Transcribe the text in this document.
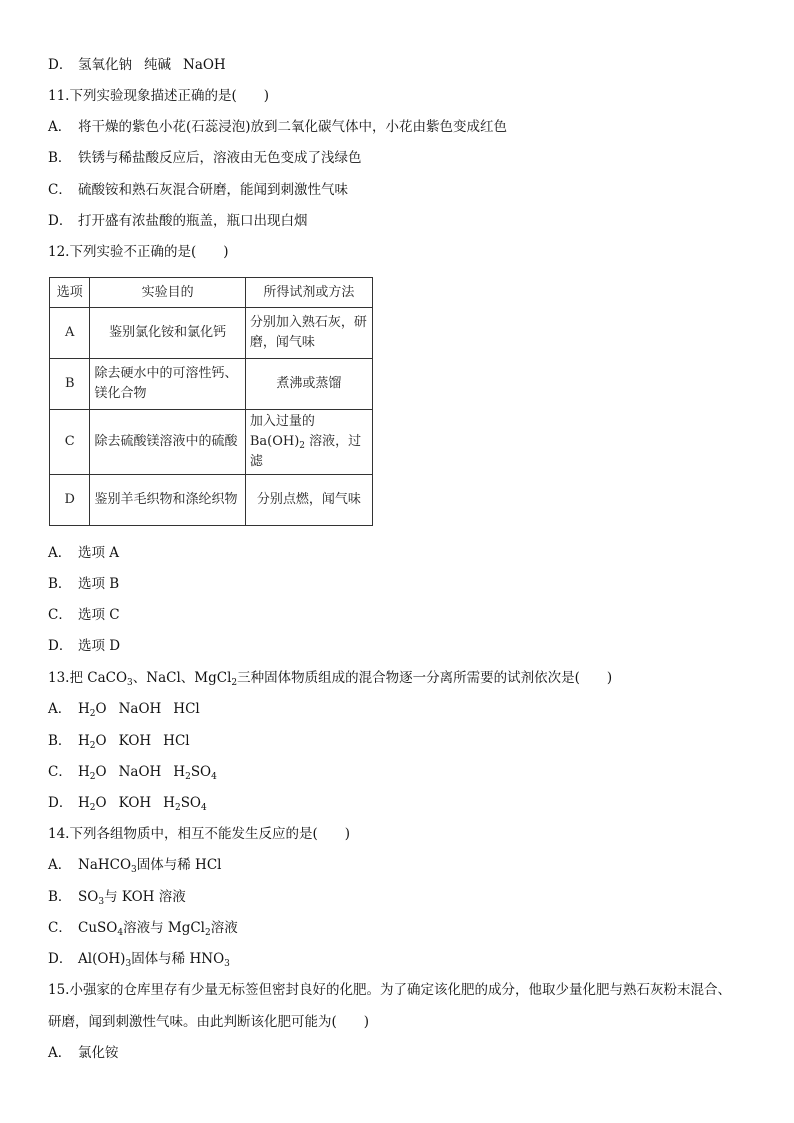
D． 氢氧化钠 纯碱 NaOH
11.下列实验现象描述正确的是(　　)
A． 将干燥的紫色小花(石蕊浸泡)放到二氧化碳气体中，小花由紫色变成红色
B． 铁锈与稀盐酸反应后，溶液由无色变成了浅绿色
C． 硫酸铵和熟石灰混合研磨，能闻到刺激性气味
D． 打开盛有浓盐酸的瓶盖，瓶口出现白烟
12.下列实验不正确的是(　　)
选项	实验目的	所得试剂或方法
A	鉴别氯化铵和氯化钙	分别加入熟石灰，研磨，闻气味
B	除去硬水中的可溶性钙、镁化合物	煮沸或蒸馏
C	除去硫酸镁溶液中的硫酸	加入过量的
$Ba(OH)_2$ 溶液，过滤
D	鉴别羊毛织物和涤纶织物	分别点燃，闻气味
A． 选项 A
B． 选项 B
C． 选项 C
D． 选项 D
13.把 CaCO$_3$、NaCl、MgCl$_2$三种固体物质组成的混合物逐一分离所需要的试剂依次是(　　)
A． $H_2O$ NaOH HCl
B． $H_2O$ KOH HCl
C． $H_2O$ NaOH $H_2SO_4$
D． $H_2O$ KOH $H_2SO_4$
14.下列各组物质中，相互不能发生反应的是(　　)
A． NaHCO$_3$固体与稀 HCl
B． $SO_3$与 KOH 溶液
C． CuSO$_4$溶液与 MgCl$_2$溶液
D． $Al(OH)_3$固体与稀 $HNO_3$
15.小强家的仓库里存有少量无标签但密封良好的化肥。为了确定该化肥的成分，他取少量化肥与熟石灰粉末混合、
研磨，闻到刺激性气味。由此判断该化肥可能为(　　)
A． 氯化铵
